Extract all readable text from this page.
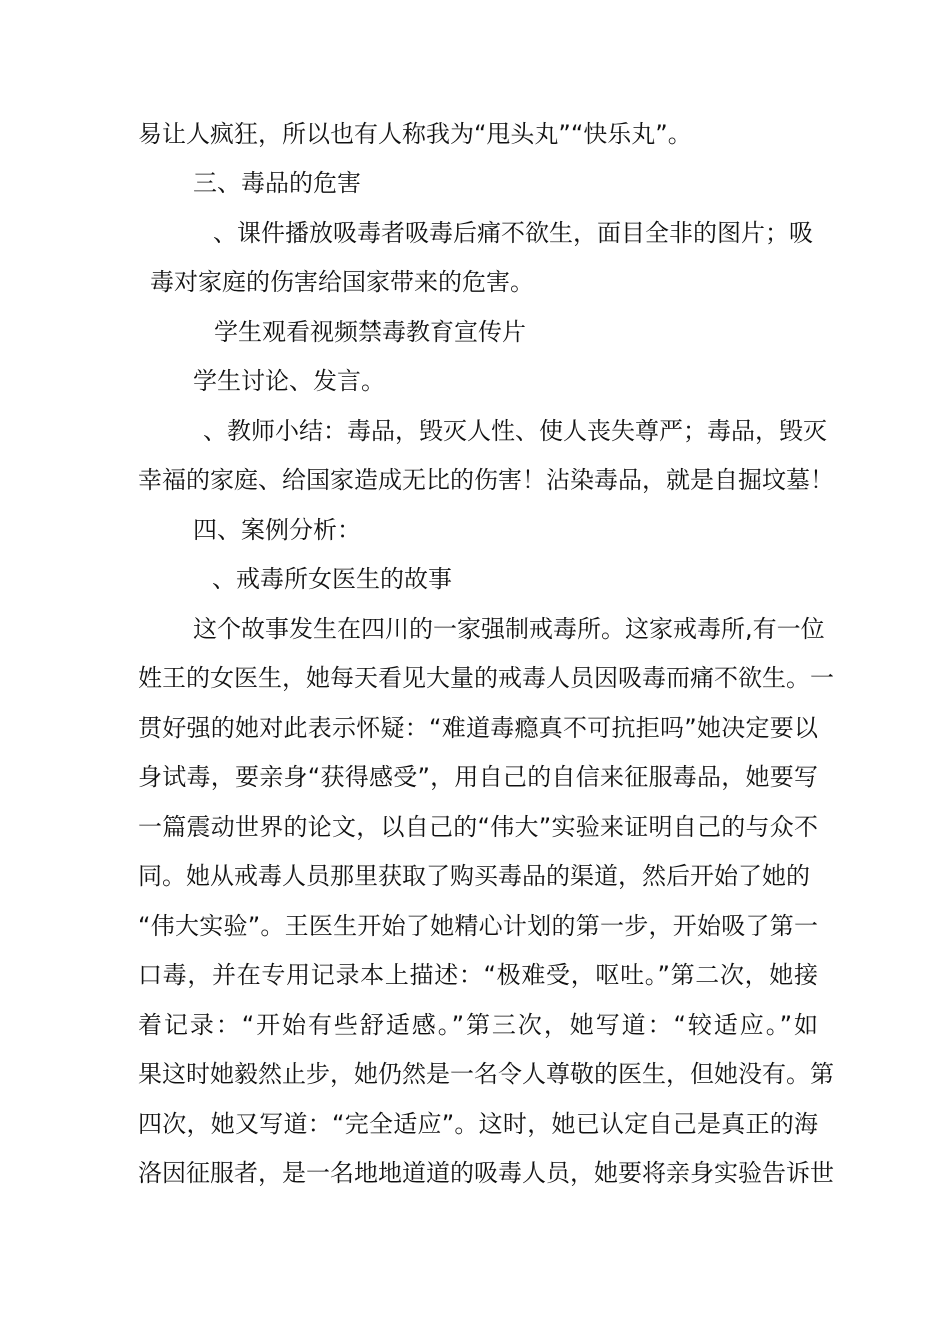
易让人疯狂，所以也有人称我为“甩头丸”“快乐丸”。

三、毒品的危害

、课件播放吸毒者吸毒后痛不欲生，面目全非的图片；吸

毒对家庭的伤害给国家带来的危害。

学生观看视频禁毒教育宣传片

学生讨论、发言。

、教师小结：毒品，毁灭人性、使人丧失尊严；毒品，毁灭

幸福的家庭、给国家造成无比的伤害！沾染毒品，就是自掘坟墓！

四、案例分析：

、戒毒所女医生的故事

这个故事发生在四川的一家强制戒毒所。这家戒毒所,有一位

姓王的女医生，她每天看见大量的戒毒人员因吸毒而痛不欲生。一

贯好强的她对此表示怀疑：“难道毒瘾真不可抗拒吗”她决定要以

身试毒，要亲身“获得感受”，用自己的自信来征服毒品，她要写

一篇震动世界的论文，以自己的“伟大”实验来证明自己的与众不

同。她从戒毒人员那里获取了购买毒品的渠道，然后开始了她的

“伟大实验”。王医生开始了她精心计划的第一步，开始吸了第一

口毒，并在专用记录本上描述：“极难受，呕吐。”第二次，她接

着记录：“开始有些舒适感。”第三次，她写道：“较适应。”如

果这时她毅然止步，她仍然是一名令人尊敬的医生，但她没有。第

四次，她又写道：“完全适应”。这时，她已认定自己是真正的海

洛因征服者，是一名地地道道的吸毒人员，她要将亲身实验告诉世
